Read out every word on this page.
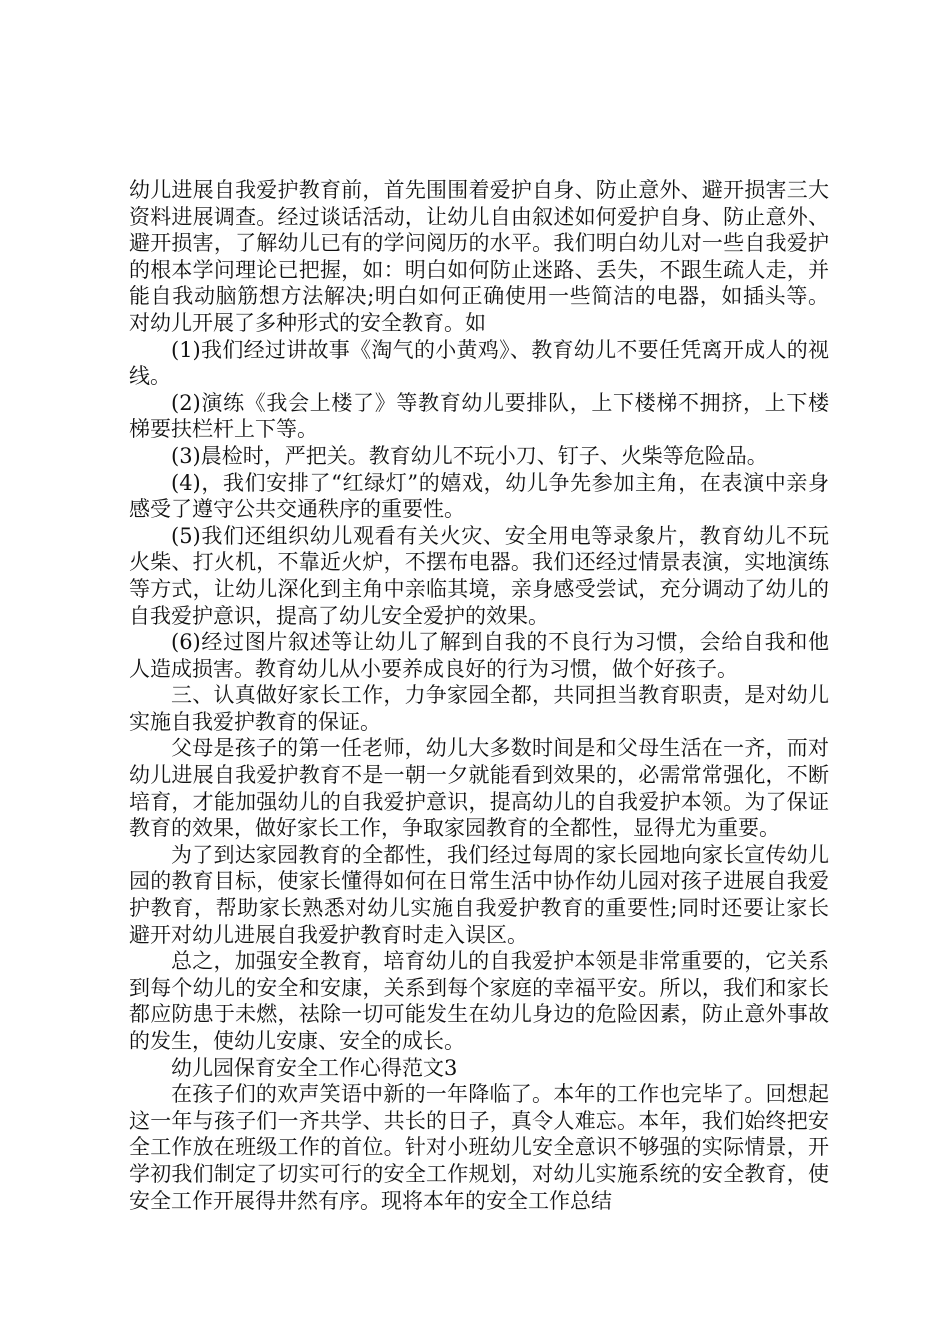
幼儿进展自我爱护教育前，首先围围着爱护自身、防止意外、避开损害三大资料进展调查。经过谈话活动，让幼儿自由叙述如何爱护自身、防止意外、避开损害，了解幼儿已有的学问阅历的水平。我们明白幼儿对一些自我爱护的根本学问理论已把握，如：明白如何防止迷路、丢失，不跟生疏人走，并能自我动脑筋想方法解决;明白如何正确使用一些简洁的电器，如插头等。对幼儿开展了多种形式的安全教育。如

(1)我们经过讲故事《淘气的小黄鸡》、教育幼儿不要任凭离开成人的视线。

(2)演练《我会上楼了》等教育幼儿要排队，上下楼梯不拥挤，上下楼梯要扶栏杆上下等。

(3)晨检时，严把关。教育幼儿不玩小刀、钉子、火柴等危险品。

(4)，我们安排了“红绿灯”的嬉戏，幼儿争先参加主角，在表演中亲身感受了遵守公共交通秩序的重要性。

(5)我们还组织幼儿观看有关火灾、安全用电等录象片，教育幼儿不玩火柴、打火机，不靠近火炉，不摆布电器。我们还经过情景表演，实地演练等方式，让幼儿深化到主角中亲临其境，亲身感受尝试，充分调动了幼儿的自我爱护意识，提高了幼儿安全爱护的效果。

(6)经过图片叙述等让幼儿了解到自我的不良行为习惯，会给自我和他人造成损害。教育幼儿从小要养成良好的行为习惯，做个好孩子。

三、认真做好家长工作，力争家园全都，共同担当教育职责，是对幼儿实施自我爱护教育的保证。

父母是孩子的第一任老师，幼儿大多数时间是和父母生活在一齐，而对幼儿进展自我爱护教育不是一朝一夕就能看到效果的，必需常常强化，不断培育，才能加强幼儿的自我爱护意识，提高幼儿的自我爱护本领。为了保证教育的效果，做好家长工作，争取家园教育的全都性，显得尤为重要。

为了到达家园教育的全都性，我们经过每周的家长园地向家长宣传幼儿园的教育目标，使家长懂得如何在日常生活中协作幼儿园对孩子进展自我爱护教育，帮助家长熟悉对幼儿实施自我爱护教育的重要性;同时还要让家长避开对幼儿进展自我爱护教育时走入误区。

总之，加强安全教育，培育幼儿的自我爱护本领是非常重要的，它关系到每个幼儿的安全和安康，关系到每个家庭的幸福平安。所以，我们和家长都应防患于未燃，祛除一切可能发生在幼儿身边的危险因素，防止意外事故的发生，使幼儿安康、安全的成长。

幼儿园保育安全工作心得范文3

在孩子们的欢声笑语中新的一年降临了。本年的工作也完毕了。回想起这一年与孩子们一齐共学、共长的日子，真令人难忘。本年，我们始终把安全工作放在班级工作的首位。针对小班幼儿安全意识不够强的实际情景，开学初我们制定了切实可行的安全工作规划，对幼儿实施系统的安全教育，使安全工作开展得井然有序。现将本年的安全工作总结
